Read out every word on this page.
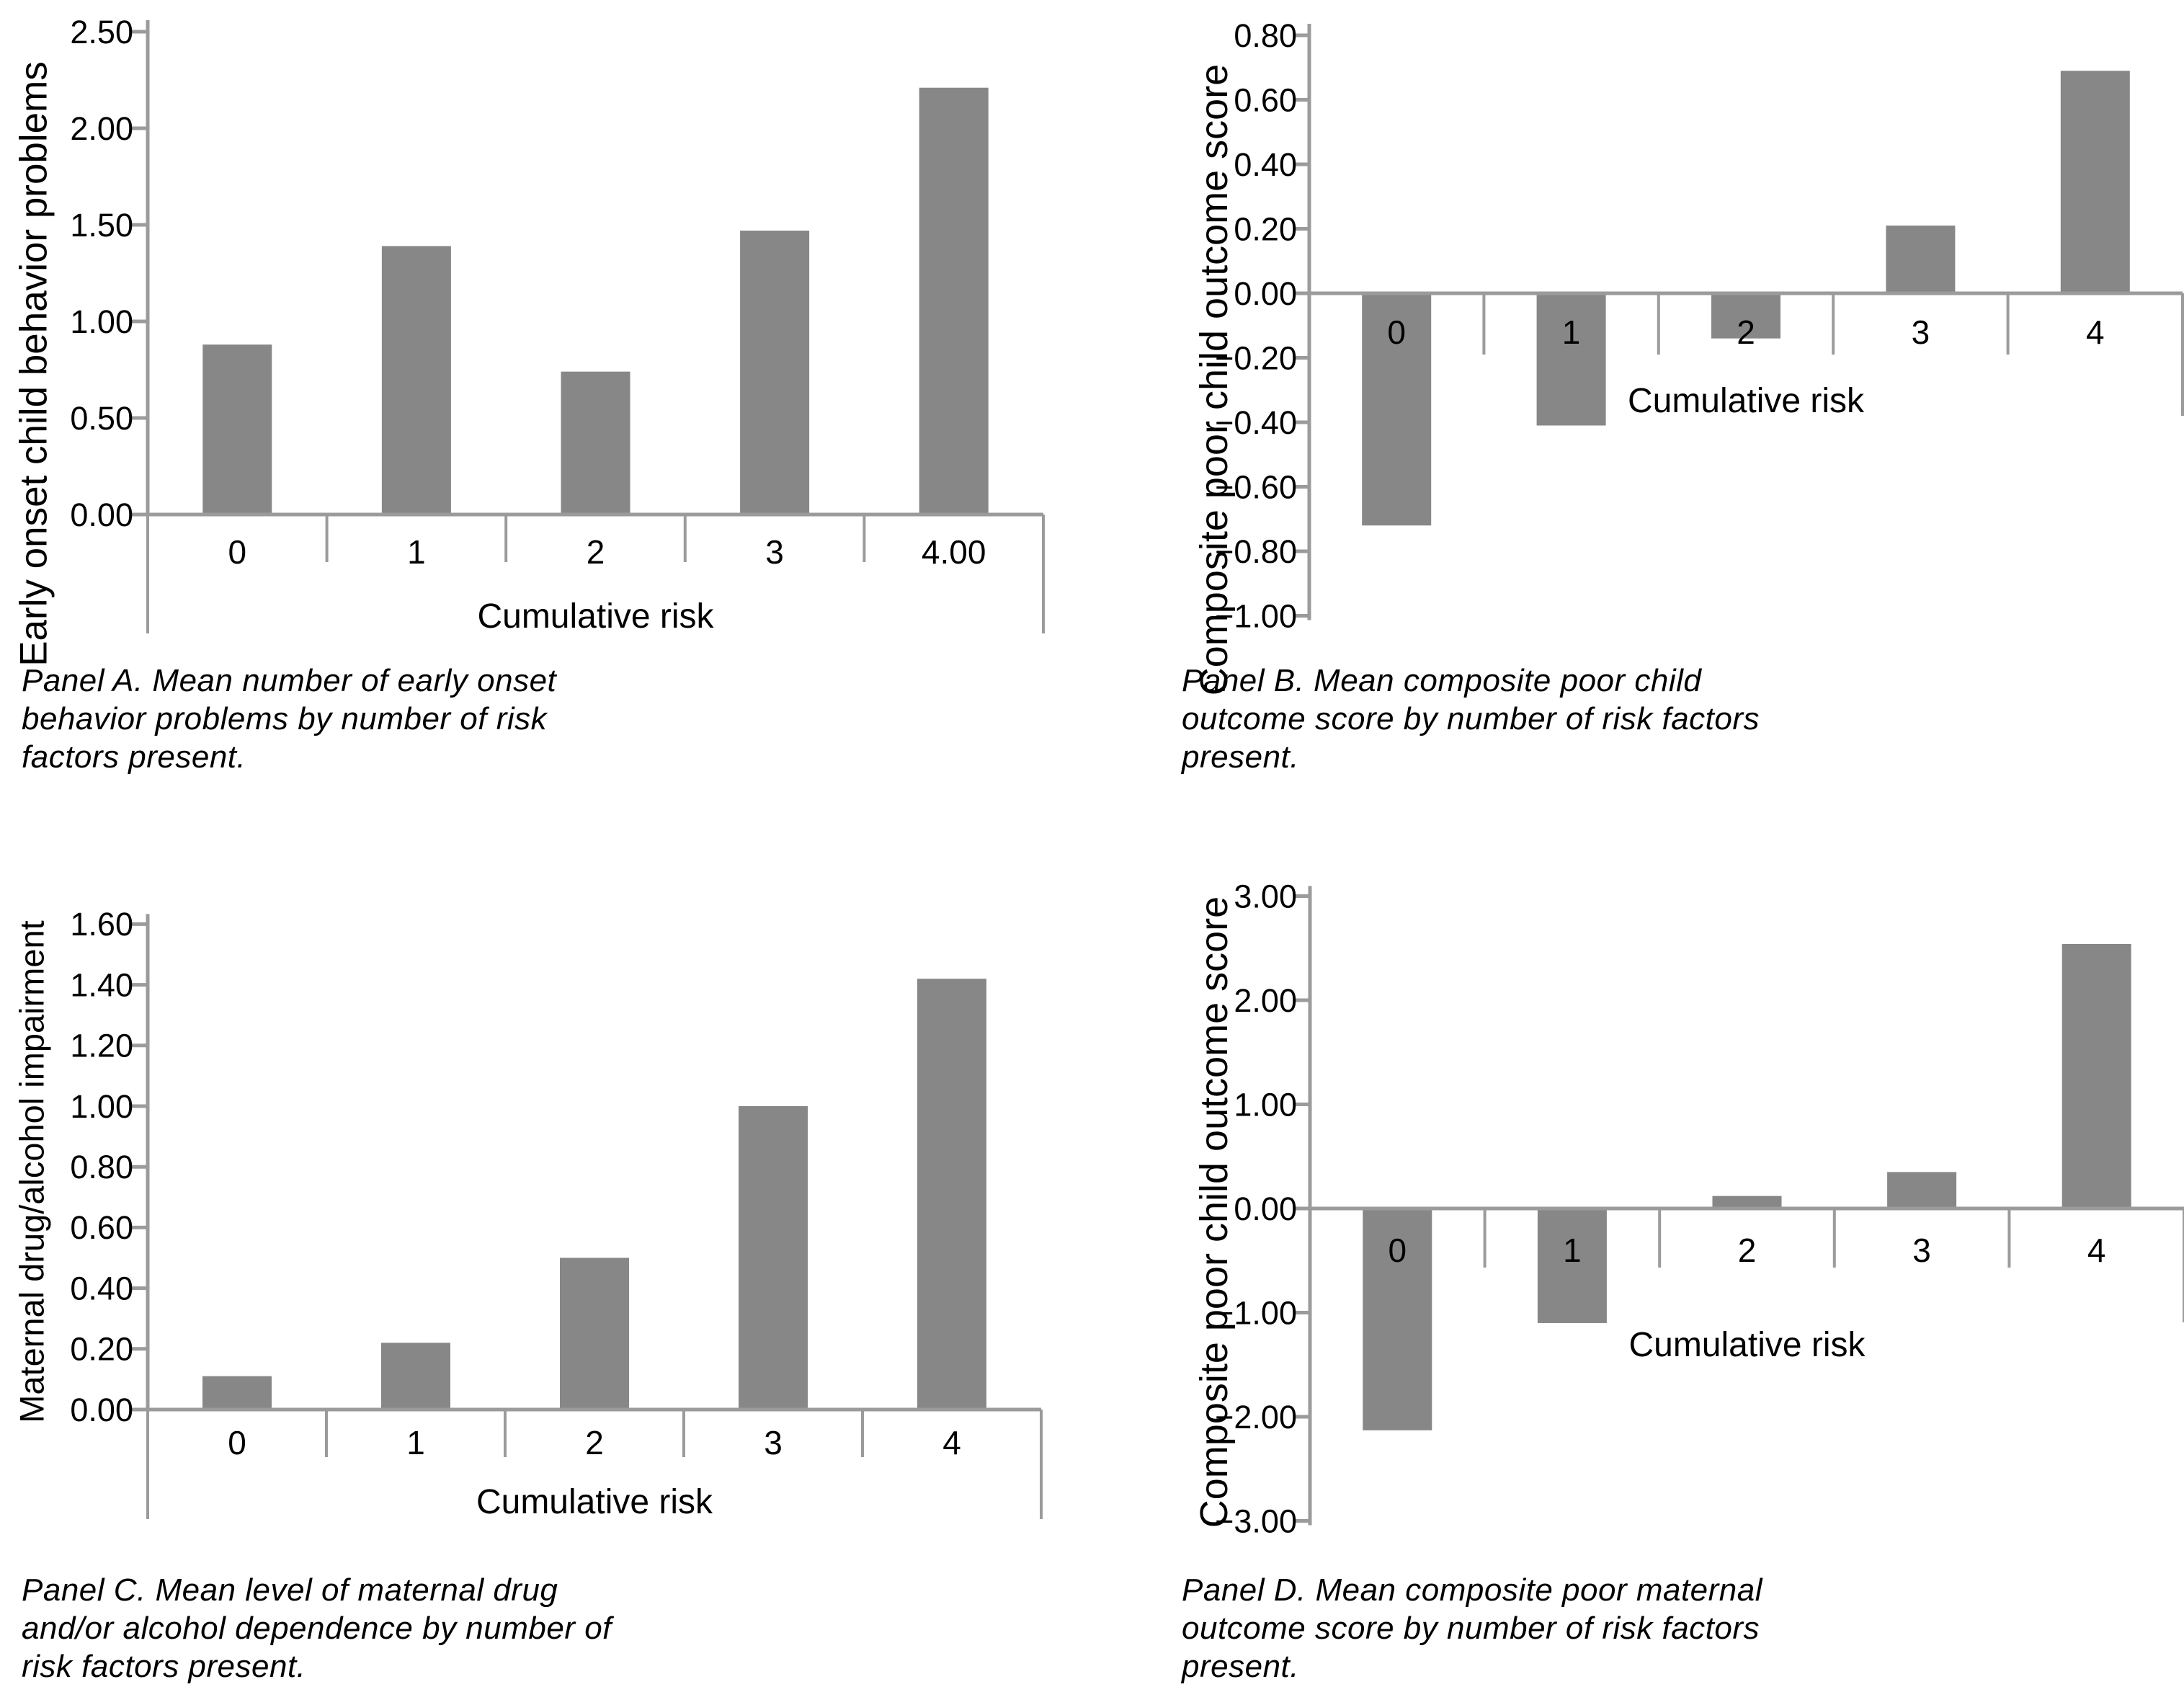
2.50
2.00
1.50
1.00
0.50
0.00
0	1	2	3	4.00
Cumulative risk
Early onset child behavior problems
0.80
0.60
0.40
0.20
0.00
−0.20
−0.40
−0.60
−0.80
−1.00
0	1	2	3	4
Cumulative risk
Composite poor child outcome score
1.60
1.40
1.20
1.00
0.80
0.60
0.40
0.20
0.00
0	1	2	3	4
Cumulative risk
Maternal drug/alcohol impairment
3.00
2.00
1.00
0.00
−1.00
−2.00
−3.00
0	1	2	3	4
Cumulative risk
Composite poor child outcome score
Panel A. Mean number of early onset
behavior problems by number of risk
factors present.
Panel B. Mean composite poor child
outcome score by number of risk factors
present.
Panel C. Mean level of maternal drug
and/or alcohol dependence by number of
risk factors present.
Panel D. Mean composite poor maternal
outcome score by number of risk factors
present.
